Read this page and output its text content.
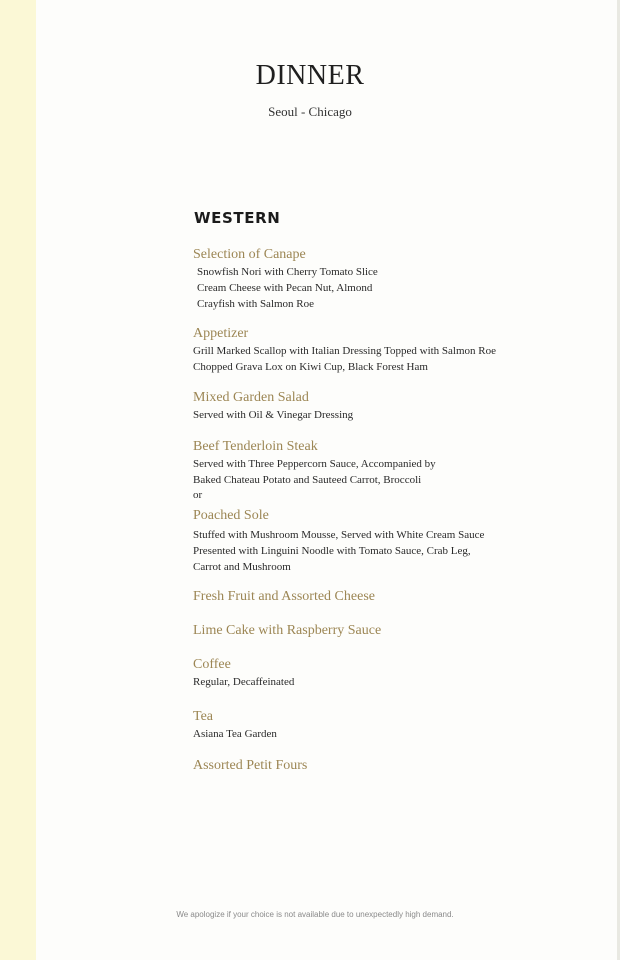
DINNER
Seoul - Chicago
WESTERN
Selection of Canape
Snowfish Nori with Cherry Tomato Slice
Cream Cheese with Pecan Nut, Almond
Crayfish with Salmon Roe
Appetizer
Grill Marked Scallop with Italian Dressing Topped with Salmon Roe
Chopped Grava Lox on Kiwi Cup, Black Forest Ham
Mixed Garden Salad
Served with Oil & Vinegar Dressing
Beef Tenderloin Steak
Served with Three Peppercorn Sauce, Accompanied by
Baked Chateau Potato and Sauteed Carrot, Broccoli
or
Poached Sole
Stuffed with Mushroom Mousse, Served with White Cream Sauce
Presented with Linguini Noodle with Tomato Sauce, Crab Leg,
Carrot and Mushroom
Fresh Fruit and Assorted Cheese
Lime Cake with Raspberry Sauce
Coffee
Regular, Decaffeinated
Tea
Asiana Tea Garden
Assorted Petit Fours
We apologize if your choice is not available due to unexpectedly high demand.
